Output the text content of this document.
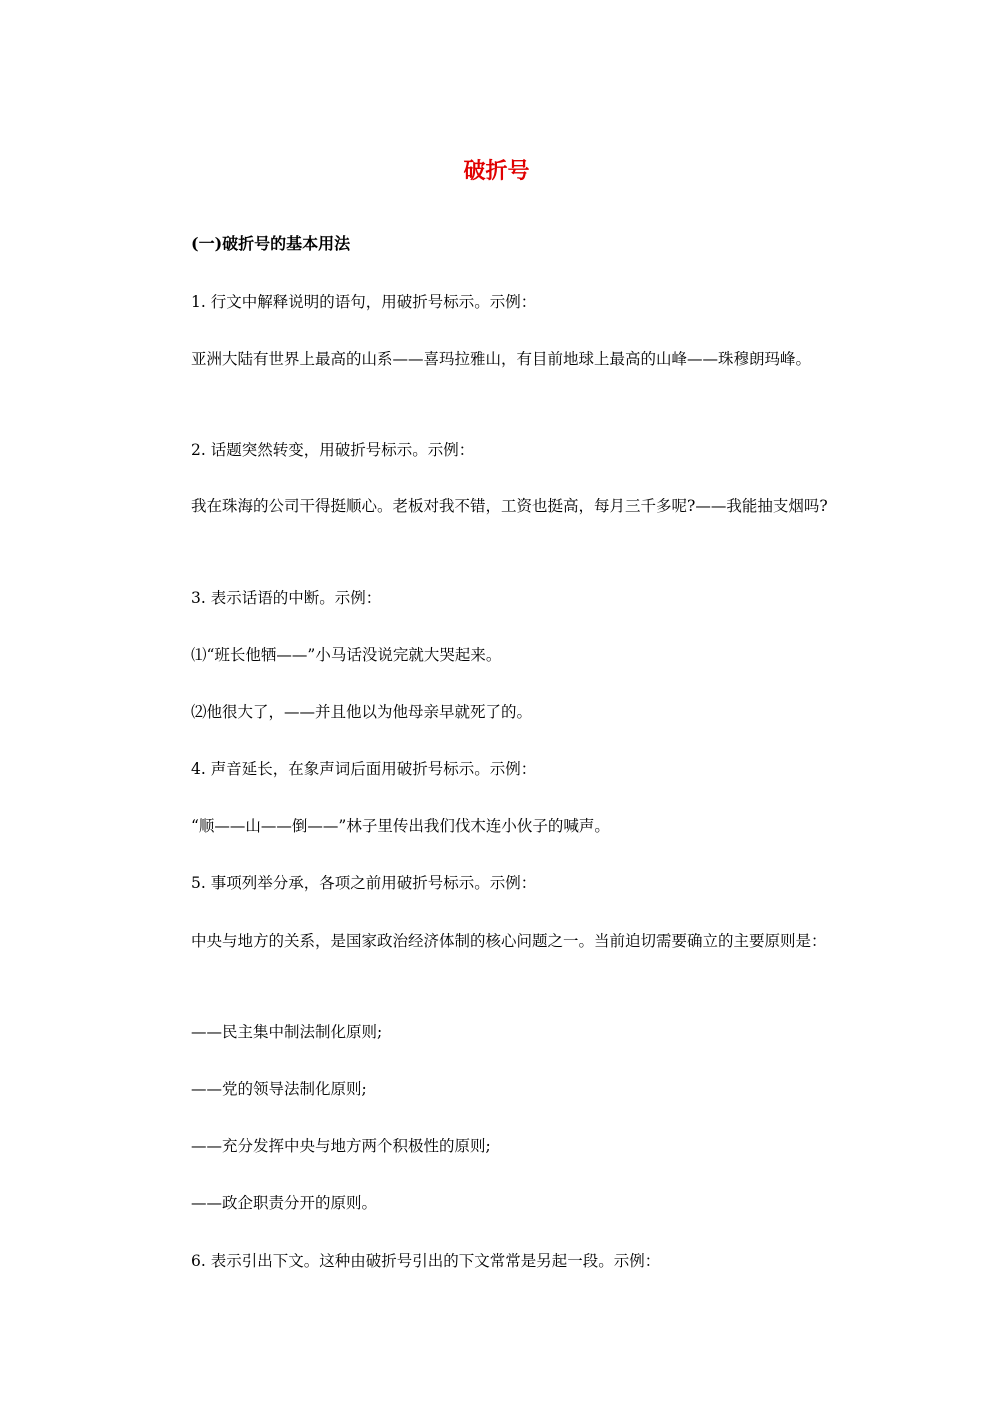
破折号
(一)破折号的基本用法
1. 行文中解释说明的语句，用破折号标示。示例：
亚洲大陆有世界上最高的山系——喜玛拉雅山，有目前地球上最高的山峰——珠穆朗玛峰。
2. 话题突然转变，用破折号标示。示例：
我在珠海的公司干得挺顺心。老板对我不错，工资也挺高，每月三千多呢?——我能抽支烟吗?
3. 表示话语的中断。示例：
⑴“班长他牺——”小马话没说完就大哭起来。
⑵他很大了，——并且他以为他母亲早就死了的。
4. 声音延长，在象声词后面用破折号标示。示例：
“顺——山——倒——”林子里传出我们伐木连小伙子的喊声。
5. 事项列举分承，各项之前用破折号标示。示例：
中央与地方的关系，是国家政治经济体制的核心问题之一。当前迫切需要确立的主要原则是：
——民主集中制法制化原则;
——党的领导法制化原则;
——充分发挥中央与地方两个积极性的原则;
——政企职责分开的原则。
6. 表示引出下文。这种由破折号引出的下文常常是另起一段。示例：
